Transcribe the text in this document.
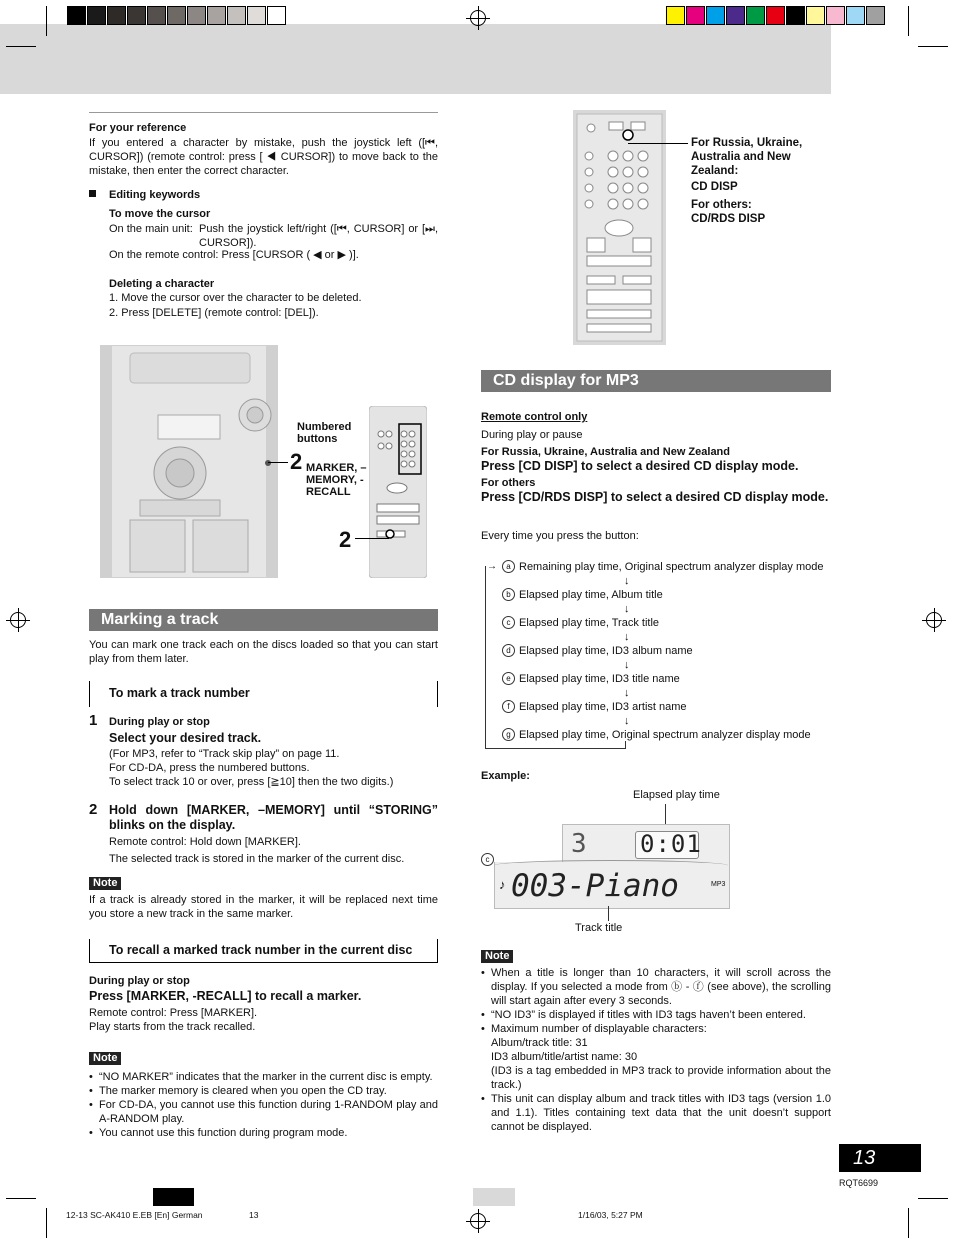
For your reference
If you entered a character by mistake, push the joystick left ([⏮, CURSOR]) (remote control: press [ ◀ CURSOR]) to move back to the mistake, then enter the correct character.
Editing keywords
To move the cursor
On the main unit: Push the joystick left/right ([⏮, CURSOR] or [⏭, CURSOR]).
On the remote control: Press [CURSOR ( ◀ or ▶ )].
Deleting a character
1. Move the cursor over the character to be deleted.
2. Press [DELETE] (remote control: [DEL]).
Numbered buttons
2 MARKER, –MEMORY, -RECALL
2
Marking a track
You can mark one track each on the discs loaded so that you can start play from them later.
To mark a track number
1 During play or stop
Select your desired track.
(For MP3, refer to “Track skip play” on page 11.
For CD-DA, press the numbered buttons.
To select track 10 or over, press [≧10] then the two digits.)
2 Hold down [MARKER, –MEMORY] until “STORING” blinks on the display.
Remote control: Hold down [MARKER].
The selected track is stored in the marker of the current disc.
Note
If a track is already stored in the marker, it will be replaced next time you store a new track in the same marker.
To recall a marked track number in the current disc
During play or stop
Press [MARKER, -RECALL] to recall a marker.
Remote control: Press [MARKER].
Play starts from the track recalled.
Note
• “NO MARKER” indicates that the marker in the current disc is empty.
• The marker memory is cleared when you open the CD tray.
• For CD-DA, you cannot use this function during 1-RANDOM play and A-RANDOM play.
• You cannot use this function during program mode.
For Russia, Ukraine, Australia and New Zealand:
CD DISP
For others:
CD/RDS DISP
CD display for MP3
Remote control only
During play or pause
For Russia, Ukraine, Australia and New Zealand
Press [CD DISP] to select a desired CD display mode.
For others
Press [CD/RDS DISP] to select a desired CD display mode.
Every time you press the button:
→
Example:
Elapsed play time
c
3 0:01
♪ 003-Piano	MP3
Track title
Note
• When a title is longer than 10 characters, it will scroll across the display. If you selected a mode from ⓑ - ⓕ (see above), the scrolling will start again after every 3 seconds.
• “NO ID3” is displayed if titles with ID3 tags haven’t been entered.
• Maximum number of displayable characters:
Album/track title: 31
ID3 album/title/artist name: 30
(ID3 is a tag embedded in MP3 track to provide information about the track.)
• This unit can display album and track titles with ID3 tags (version 1.0 and 1.1). Titles containing text data that the unit doesn’t support cannot be displayed.
13
RQT6699
12-13 SC-AK410 E.EB [En] German	13	1/16/03, 5:27 PM
a Remaining play time, Original spectrum analyzer display mode
↓
b Elapsed play time, Album title
↓
c Elapsed play time, Track title
↓
d Elapsed play time, ID3 album name
↓
e Elapsed play time, ID3 title name
↓
f Elapsed play time, ID3 artist name
↓
g Elapsed play time, Original spectrum analyzer display mode
